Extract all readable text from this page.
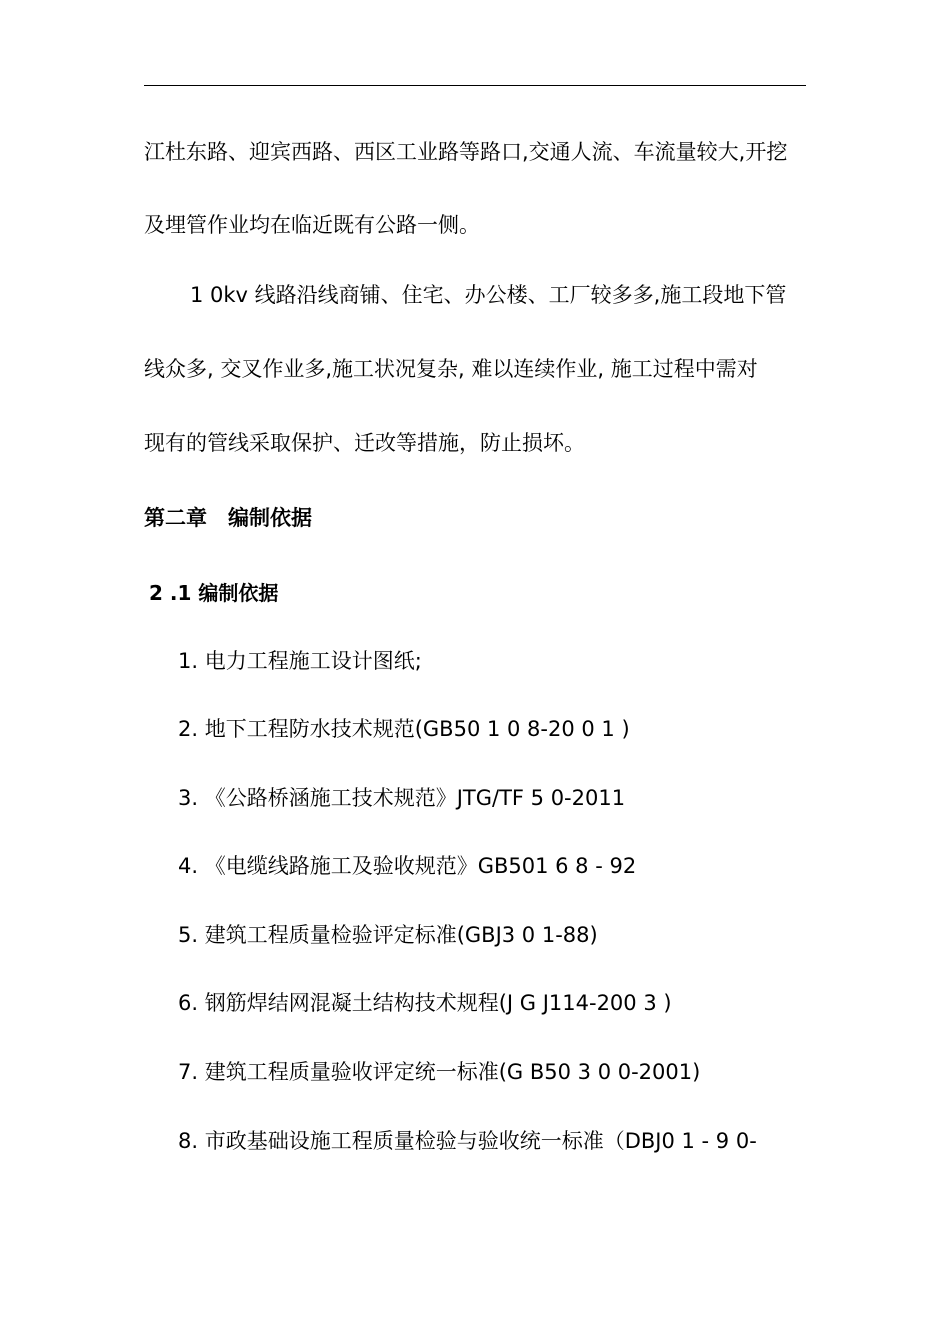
江杜东路、迎宾西路、西区工业路等路口,交通人流、车流量较大,开挖
及埋管作业均在临近既有公路一侧。
1 0kv 线路沿线商铺、住宅、办公楼、工厂较多多,施工段地下管
线众多, 交叉作业多,施工状况复杂, 难以连续作业, 施工过程中需对
现有的管线采取保护、迁改等措施，防止损坏。
第二章　编制依据
2 .1 编制依据
1. 电力工程施工设计图纸;
2. 地下工程防水技术规范(GB50 1 0 8-20 0 1 )
3. 《公路桥涵施工技术规范》JTG/TF 5 0-2011
4. 《电缆线路施工及验收规范》GB501 6 8 - 92
5. 建筑工程质量检验评定标准(GBJ3 0 1-88)
6. 钢筋焊结网混凝土结构技术规程(J G J114-200 3 )
7. 建筑工程质量验收评定统一标准(G B50 3 0 0-2001)
8. 市政基础设施工程质量检验与验收统一标准（DBJ0 1 - 9 0-
